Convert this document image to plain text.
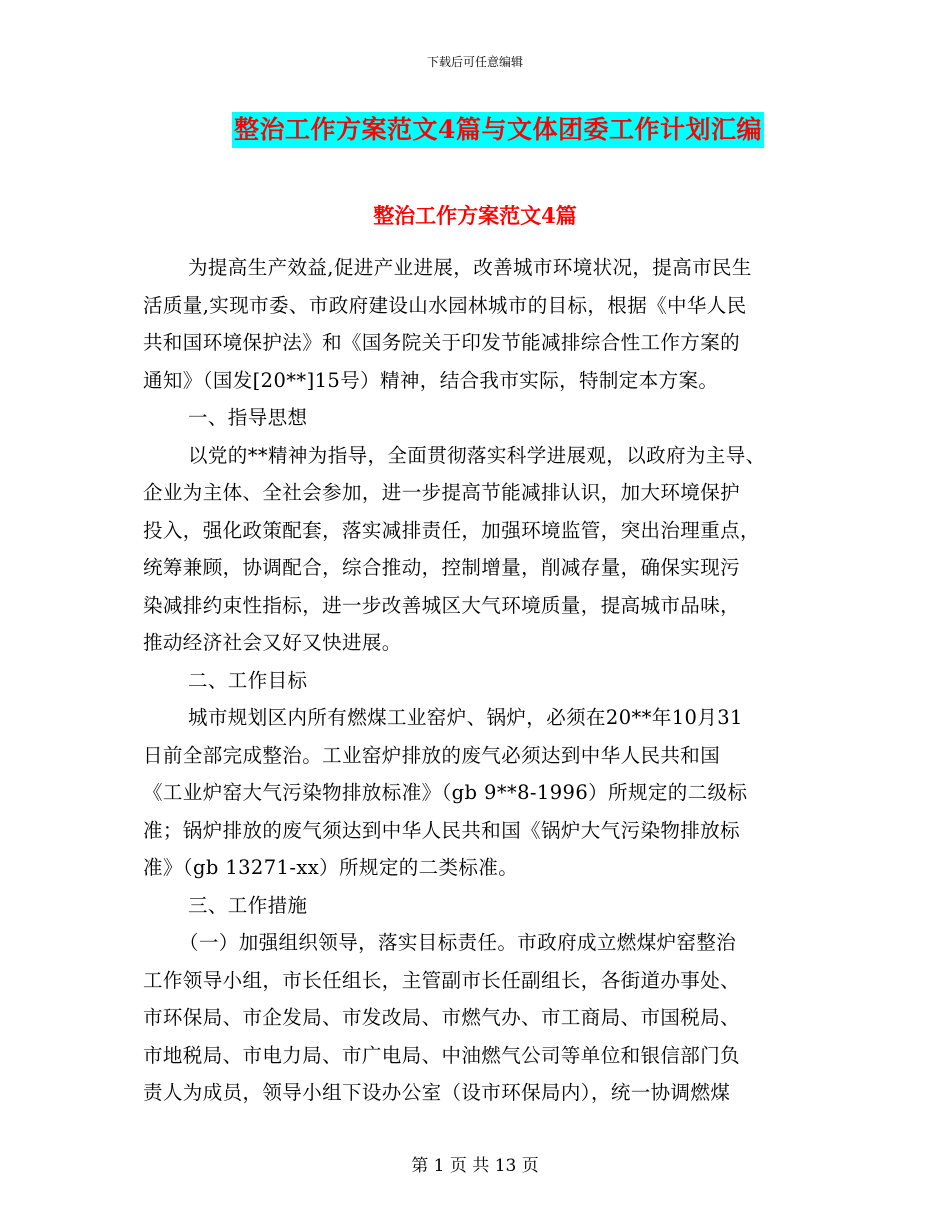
下载后可任意编辑
整治工作方案范文4篇与文体团委工作计划汇编
整治工作方案范文4篇
为提高生产效益,促进产业进展，改善城市环境状况，提高市民生
活质量,实现市委、市政府建设山水园林城市的目标，根据《中华人民
共和国环境保护法》和《国务院关于印发节能减排综合性工作方案的
通知》（国发[20**]15号）精神，结合我市实际，特制定本方案。
一、指导思想
以党的**精神为指导，全面贯彻落实科学进展观，以政府为主导、
企业为主体、全社会参加，进一步提高节能减排认识，加大环境保护
投入，强化政策配套，落实减排责任，加强环境监管，突出治理重点，
统筹兼顾，协调配合，综合推动，控制增量，削减存量，确保实现污
染减排约束性指标，进一步改善城区大气环境质量，提高城市品味，
推动经济社会又好又快进展。
二、工作目标
城市规划区内所有燃煤工业窑炉、锅炉，必须在20**年10月31
日前全部完成整治。工业窑炉排放的废气必须达到中华人民共和国
《工业炉窑大气污染物排放标准》（gb 9**8-1996）所规定的二级标
准；锅炉排放的废气须达到中华人民共和国《锅炉大气污染物排放标
准》（gb 13271-xx）所规定的二类标准。
三、工作措施
（一）加强组织领导，落实目标责任。市政府成立燃煤炉窑整治
工作领导小组，市长任组长，主管副市长任副组长，各街道办事处、
市环保局、市企发局、市发改局、市燃气办、市工商局、市国税局、
市地税局、市电力局、市广电局、中油燃气公司等单位和银信部门负
责人为成员，领导小组下设办公室（设市环保局内），统一协调燃煤
第 1 页 共 13 页
